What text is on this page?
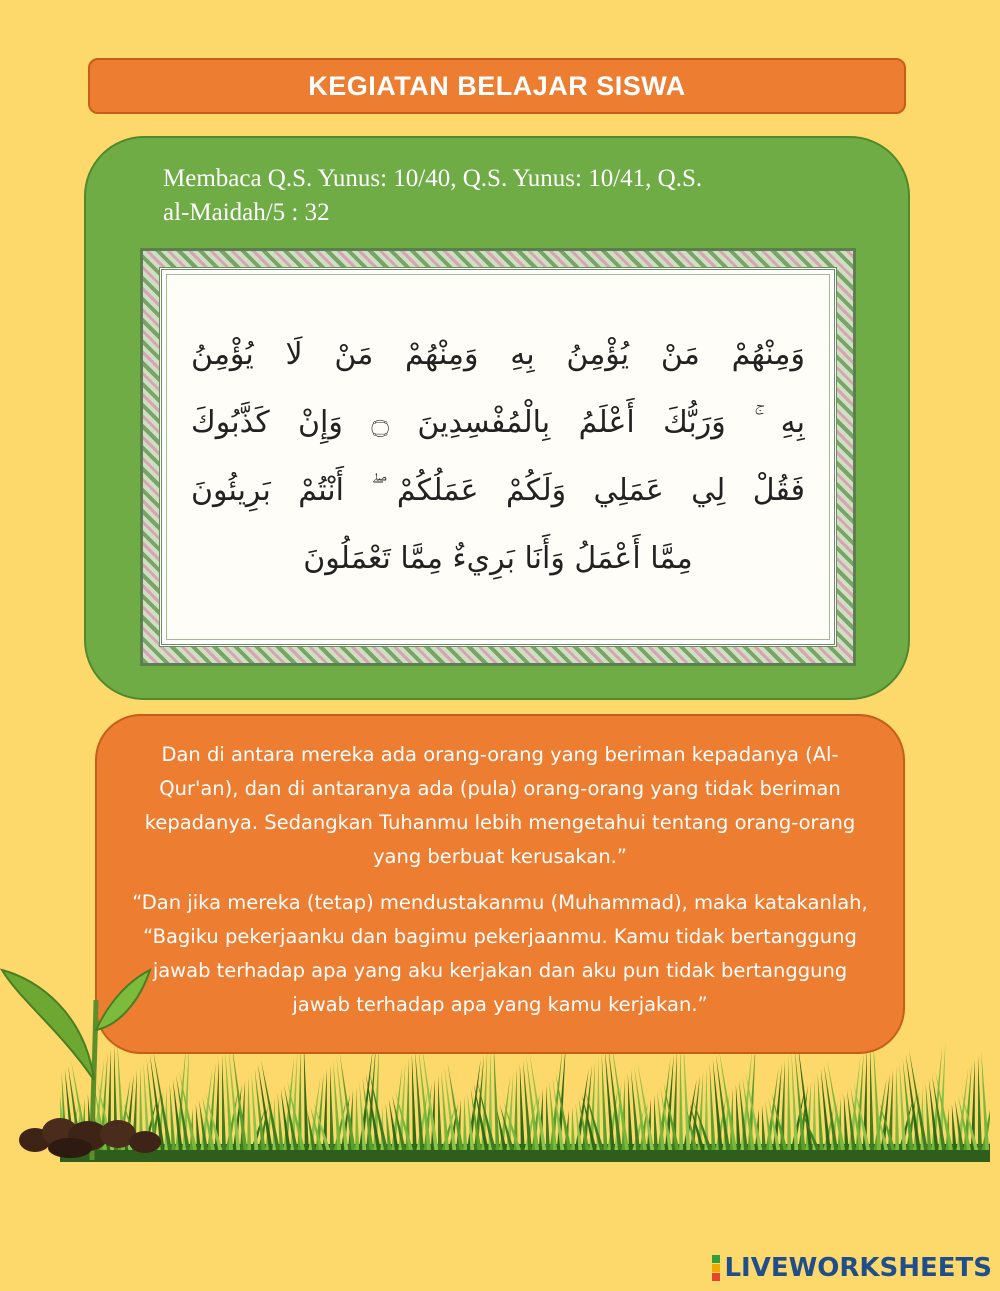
KEGIATAN BELAJAR SISWA
Membaca Q.S. Yunus: 10/40, Q.S. Yunus: 10/41, Q.S.
al-Maidah/5 : 32
وَمِنْهُمْ مَنْ يُؤْمِنُ بِهِ وَمِنْهُمْ مَنْ لَا يُؤْمِنُ
بِهِ ۚ وَرَبُّكَ أَعْلَمُ بِالْمُفْسِدِينَ ۝ وَإِنْ كَذَّبُوكَ
فَقُلْ لِي عَمَلِي وَلَكُمْ عَمَلُكُمْ ۖ أَنْتُمْ بَرِيئُونَ
مِمَّا أَعْمَلُ وَأَنَا بَرِيءٌ مِمَّا تَعْمَلُونَ

Dan di antara mereka ada orang-orang yang beriman kepadanya (Al-Qur'an), dan di antaranya ada (pula) orang-orang yang tidak beriman kepadanya. Sedangkan Tuhanmu lebih mengetahui tentang orang-orang yang berbuat kerusakan.”

“Dan jika mereka (tetap) mendustakanmu (Muhammad), maka katakanlah, “Bagiku pekerjaanku dan bagimu pekerjaanmu. Kamu tidak bertanggung jawab terhadap apa yang aku kerjakan dan aku pun tidak bertanggung jawab terhadap apa yang kamu kerjakan.”

LIVEWORKSHEETS
